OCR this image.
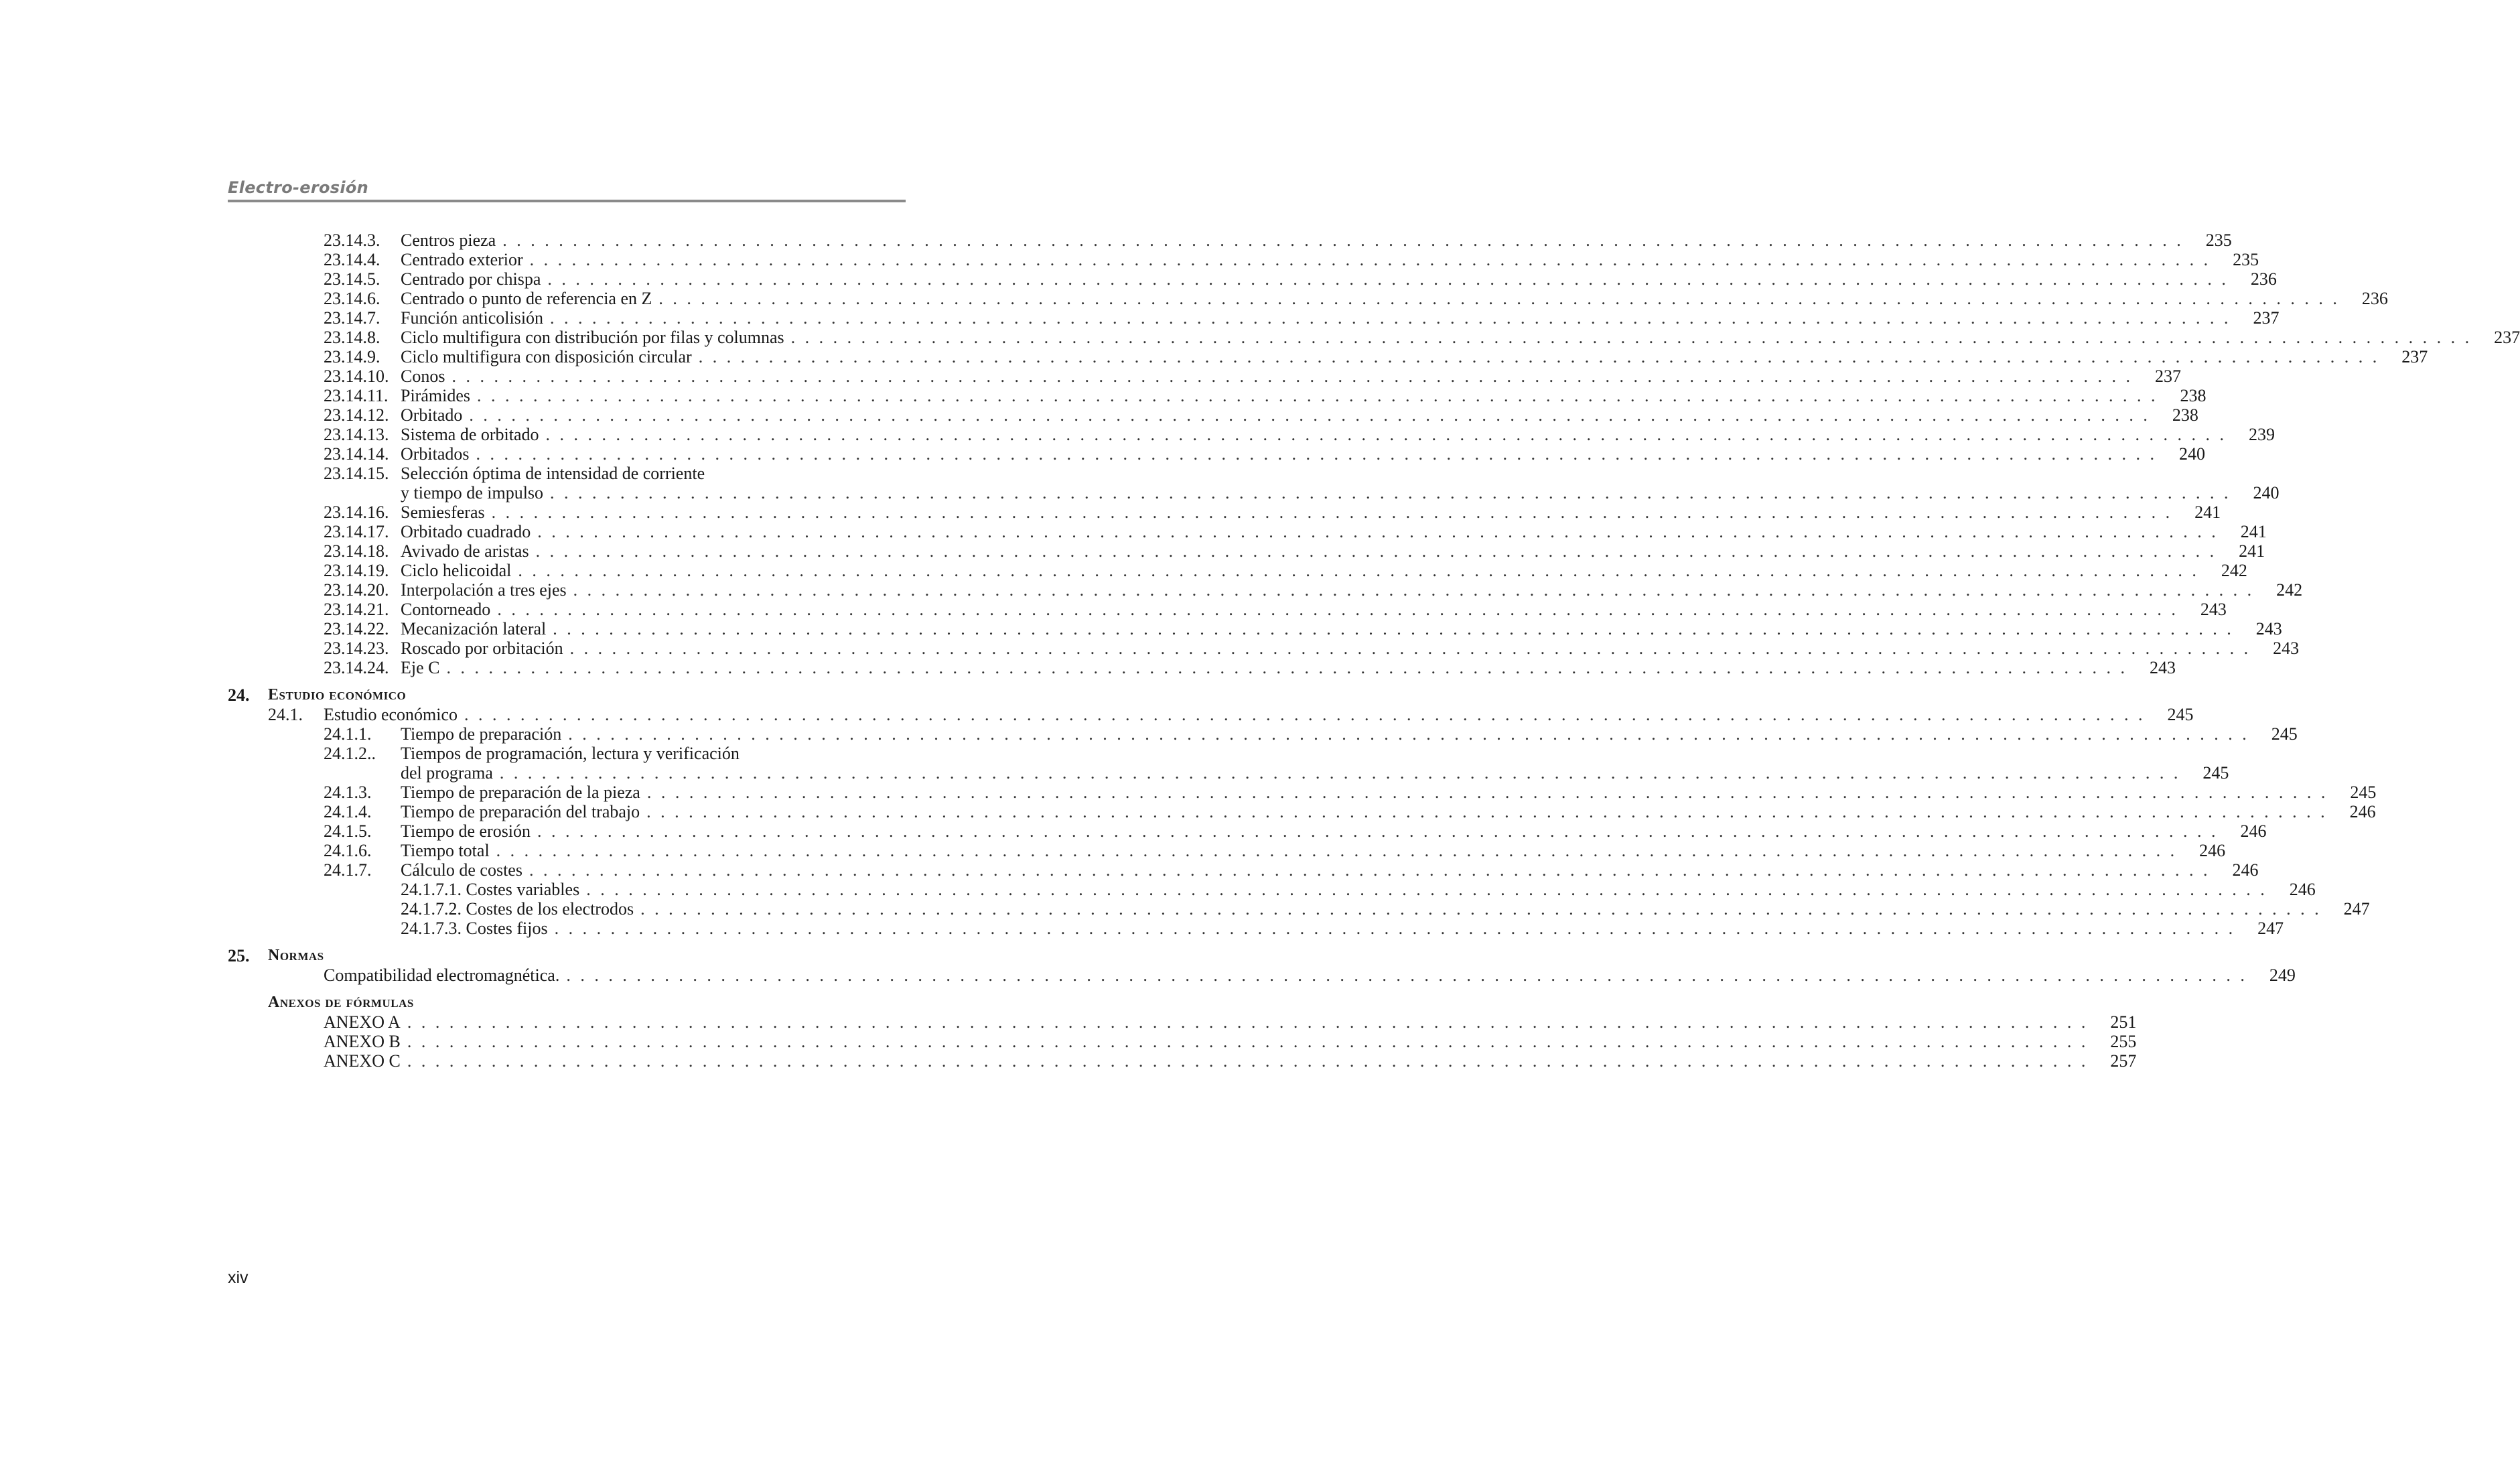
Electro-erosión
23.14.3. Centros pieza . . . . . . . . . . . . . . . . . . . . . . . . . . . . . . . . . . . . . . . . . . . . . . . . . . . . . . . . . . . . . . . . . . . . . . . . . . . . . . . . . . . . . . . . . . . . . . . . . . . . . . . . . . . . . . . . . . . . . . . .	235
23.14.4. Centrado exterior . . . . . . . . . . . . . . . . . . . . . . . . . . . . . . . . . . . . . . . . . . . . . . . . . . . . . . . . . . . . . . . . . . . . . . . . . . . . . . . . . . . . . . . . . . . . . . . . . . . . . . . . . . . . . . . . . . . . . . . .	235
23.14.5. Centrado por chispa . . . . . . . . . . . . . . . . . . . . . . . . . . . . . . . . . . . . . . . . . . . . . . . . . . . . . . . . . . . . . . . . . . . . . . . . . . . . . . . . . . . . . . . . . . . . . . . . . . . . . . . . . . . . . . . . . . . . . . . .	236
23.14.6. Centrado o punto de referencia en Z . . . . . . . . . . . . . . . . . . . . . . . . . . . . . . . . . . . . . . . . . . . . . . . . . . . . . . . . . . . . . . . . . . . . . . . . . . . . . . . . . . . . . . . . . . . . . . . . . . . . . . . . . . . . . . . . . . . . . . . .	236
23.14.7. Función anticolisión . . . . . . . . . . . . . . . . . . . . . . . . . . . . . . . . . . . . . . . . . . . . . . . . . . . . . . . . . . . . . . . . . . . . . . . . . . . . . . . . . . . . . . . . . . . . . . . . . . . . . . . . . . . . . . . . . . . . . . . .	237
23.14.8. Ciclo multifigura con distribución por filas y columnas . . . . . . . . . . . . . . . . . . . . . . . . . . . . . . . . . . . . . . . . . . . . . . . . . . . . . . . . . . . . . . . . . . . . . . . . . . . . . . . . . . . . . . . . . . . . . . . . . . . . . . . . . . . . . . . . . . . . . . . .	237
23.14.9. Ciclo multifigura con disposición circular . . . . . . . . . . . . . . . . . . . . . . . . . . . . . . . . . . . . . . . . . . . . . . . . . . . . . . . . . . . . . . . . . . . . . . . . . . . . . . . . . . . . . . . . . . . . . . . . . . . . . . . . . . . . . . . . . . . . . . . .	237
23.14.10. Conos . . . . . . . . . . . . . . . . . . . . . . . . . . . . . . . . . . . . . . . . . . . . . . . . . . . . . . . . . . . . . . . . . . . . . . . . . . . . . . . . . . . . . . . . . . . . . . . . . . . . . . . . . . . . . . . . . . . . . . . .	237
23.14.11. Pirámides . . . . . . . . . . . . . . . . . . . . . . . . . . . . . . . . . . . . . . . . . . . . . . . . . . . . . . . . . . . . . . . . . . . . . . . . . . . . . . . . . . . . . . . . . . . . . . . . . . . . . . . . . . . . . . . . . . . . . . . .	238
23.14.12. Orbitado . . . . . . . . . . . . . . . . . . . . . . . . . . . . . . . . . . . . . . . . . . . . . . . . . . . . . . . . . . . . . . . . . . . . . . . . . . . . . . . . . . . . . . . . . . . . . . . . . . . . . . . . . . . . . . . . . . . . . . . .	238
23.14.13. Sistema de orbitado . . . . . . . . . . . . . . . . . . . . . . . . . . . . . . . . . . . . . . . . . . . . . . . . . . . . . . . . . . . . . . . . . . . . . . . . . . . . . . . . . . . . . . . . . . . . . . . . . . . . . . . . . . . . . . . . . . . . . . . .	239
23.14.14. Orbitados . . . . . . . . . . . . . . . . . . . . . . . . . . . . . . . . . . . . . . . . . . . . . . . . . . . . . . . . . . . . . . . . . . . . . . . . . . . . . . . . . . . . . . . . . . . . . . . . . . . . . . . . . . . . . . . . . . . . . . . .	240
23.14.15. Selección óptima de intensidad de corriente
y tiempo de impulso . . . . . . . . . . . . . . . . . . . . . . . . . . . . . . . . . . . . . . . . . . . . . . . . . . . . . . . . . . . . . . . . . . . . . . . . . . . . . . . . . . . . . . . . . . . . . . . . . . . . . . . . . . . . . . . . . . . . . . . .	240
23.14.16. Semiesferas . . . . . . . . . . . . . . . . . . . . . . . . . . . . . . . . . . . . . . . . . . . . . . . . . . . . . . . . . . . . . . . . . . . . . . . . . . . . . . . . . . . . . . . . . . . . . . . . . . . . . . . . . . . . . . . . . . . . . . . .	241
23.14.17. Orbitado cuadrado . . . . . . . . . . . . . . . . . . . . . . . . . . . . . . . . . . . . . . . . . . . . . . . . . . . . . . . . . . . . . . . . . . . . . . . . . . . . . . . . . . . . . . . . . . . . . . . . . . . . . . . . . . . . . . . . . . . . . . . .	241
23.14.18. Avivado de aristas . . . . . . . . . . . . . . . . . . . . . . . . . . . . . . . . . . . . . . . . . . . . . . . . . . . . . . . . . . . . . . . . . . . . . . . . . . . . . . . . . . . . . . . . . . . . . . . . . . . . . . . . . . . . . . . . . . . . . . . .	241
23.14.19. Ciclo helicoidal . . . . . . . . . . . . . . . . . . . . . . . . . . . . . . . . . . . . . . . . . . . . . . . . . . . . . . . . . . . . . . . . . . . . . . . . . . . . . . . . . . . . . . . . . . . . . . . . . . . . . . . . . . . . . . . . . . . . . . . .	242
23.14.20. Interpolación a tres ejes . . . . . . . . . . . . . . . . . . . . . . . . . . . . . . . . . . . . . . . . . . . . . . . . . . . . . . . . . . . . . . . . . . . . . . . . . . . . . . . . . . . . . . . . . . . . . . . . . . . . . . . . . . . . . . . . . . . . . . . .	242
23.14.21. Contorneado . . . . . . . . . . . . . . . . . . . . . . . . . . . . . . . . . . . . . . . . . . . . . . . . . . . . . . . . . . . . . . . . . . . . . . . . . . . . . . . . . . . . . . . . . . . . . . . . . . . . . . . . . . . . . . . . . . . . . . . .	243
23.14.22. Mecanización lateral . . . . . . . . . . . . . . . . . . . . . . . . . . . . . . . . . . . . . . . . . . . . . . . . . . . . . . . . . . . . . . . . . . . . . . . . . . . . . . . . . . . . . . . . . . . . . . . . . . . . . . . . . . . . . . . . . . . . . . . .	243
23.14.23. Roscado por orbitación . . . . . . . . . . . . . . . . . . . . . . . . . . . . . . . . . . . . . . . . . . . . . . . . . . . . . . . . . . . . . . . . . . . . . . . . . . . . . . . . . . . . . . . . . . . . . . . . . . . . . . . . . . . . . . . . . . . . . . . .	243
23.14.24. Eje C . . . . . . . . . . . . . . . . . . . . . . . . . . . . . . . . . . . . . . . . . . . . . . . . . . . . . . . . . . . . . . . . . . . . . . . . . . . . . . . . . . . . . . . . . . . . . . . . . . . . . . . . . . . . . . . . . . . . . . . .	243
24. Estudio económico
24.1. Estudio económico . . . . . . . . . . . . . . . . . . . . . . . . . . . . . . . . . . . . . . . . . . . . . . . . . . . . . . . . . . . . . . . . . . . . . . . . . . . . . . . . . . . . . . . . . . . . . . . . . . . . . . . . . . . . . . . . . . . . . . . .	245
24.1.1. Tiempo de preparación . . . . . . . . . . . . . . . . . . . . . . . . . . . . . . . . . . . . . . . . . . . . . . . . . . . . . . . . . . . . . . . . . . . . . . . . . . . . . . . . . . . . . . . . . . . . . . . . . . . . . . . . . . . . . . . . . . . . . . . .	245
24.1.2.. Tiempos de programación, lectura y verificación
del programa . . . . . . . . . . . . . . . . . . . . . . . . . . . . . . . . . . . . . . . . . . . . . . . . . . . . . . . . . . . . . . . . . . . . . . . . . . . . . . . . . . . . . . . . . . . . . . . . . . . . . . . . . . . . . . . . . . . . . . . .	245
24.1.3. Tiempo de preparación de la pieza . . . . . . . . . . . . . . . . . . . . . . . . . . . . . . . . . . . . . . . . . . . . . . . . . . . . . . . . . . . . . . . . . . . . . . . . . . . . . . . . . . . . . . . . . . . . . . . . . . . . . . . . . . . . . . . . . . . . . . . .	245
24.1.4. Tiempo de preparación del trabajo . . . . . . . . . . . . . . . . . . . . . . . . . . . . . . . . . . . . . . . . . . . . . . . . . . . . . . . . . . . . . . . . . . . . . . . . . . . . . . . . . . . . . . . . . . . . . . . . . . . . . . . . . . . . . . . . . . . . . . . .	246
24.1.5. Tiempo de erosión . . . . . . . . . . . . . . . . . . . . . . . . . . . . . . . . . . . . . . . . . . . . . . . . . . . . . . . . . . . . . . . . . . . . . . . . . . . . . . . . . . . . . . . . . . . . . . . . . . . . . . . . . . . . . . . . . . . . . . . .	246
24.1.6. Tiempo total . . . . . . . . . . . . . . . . . . . . . . . . . . . . . . . . . . . . . . . . . . . . . . . . . . . . . . . . . . . . . . . . . . . . . . . . . . . . . . . . . . . . . . . . . . . . . . . . . . . . . . . . . . . . . . . . . . . . . . . .	246
24.1.7. Cálculo de costes . . . . . . . . . . . . . . . . . . . . . . . . . . . . . . . . . . . . . . . . . . . . . . . . . . . . . . . . . . . . . . . . . . . . . . . . . . . . . . . . . . . . . . . . . . . . . . . . . . . . . . . . . . . . . . . . . . . . . . . .	246
24.1.7.1. Costes variables . . . . . . . . . . . . . . . . . . . . . . . . . . . . . . . . . . . . . . . . . . . . . . . . . . . . . . . . . . . . . . . . . . . . . . . . . . . . . . . . . . . . . . . . . . . . . . . . . . . . . . . . . . . . . . . . . . . . . . . .	246
24.1.7.2. Costes de los electrodos . . . . . . . . . . . . . . . . . . . . . . . . . . . . . . . . . . . . . . . . . . . . . . . . . . . . . . . . . . . . . . . . . . . . . . . . . . . . . . . . . . . . . . . . . . . . . . . . . . . . . . . . . . . . . . . . . . . . . . . .	247
24.1.7.3. Costes fijos . . . . . . . . . . . . . . . . . . . . . . . . . . . . . . . . . . . . . . . . . . . . . . . . . . . . . . . . . . . . . . . . . . . . . . . . . . . . . . . . . . . . . . . . . . . . . . . . . . . . . . . . . . . . . . . . . . . . . . . .	247
25. Normas
Compatibilidad electromagnética. . . . . . . . . . . . . . . . . . . . . . . . . . . . . . . . . . . . . . . . . . . . . . . . . . . . . . . . . . . . . . . . . . . . . . . . . . . . . . . . . . . . . . . . . . . . . . . . . . . . . . . . . . . . . . . . . . . . . . . . .	249
Anexos de fórmulas
ANEXO A . . . . . . . . . . . . . . . . . . . . . . . . . . . . . . . . . . . . . . . . . . . . . . . . . . . . . . . . . . . . . . . . . . . . . . . . . . . . . . . . . . . . . . . . . . . . . . . . . . . . . . . . . . . . . . . . . . . . . . . .	251
ANEXO B . . . . . . . . . . . . . . . . . . . . . . . . . . . . . . . . . . . . . . . . . . . . . . . . . . . . . . . . . . . . . . . . . . . . . . . . . . . . . . . . . . . . . . . . . . . . . . . . . . . . . . . . . . . . . . . . . . . . . . . .	255
ANEXO C . . . . . . . . . . . . . . . . . . . . . . . . . . . . . . . . . . . . . . . . . . . . . . . . . . . . . . . . . . . . . . . . . . . . . . . . . . . . . . . . . . . . . . . . . . . . . . . . . . . . . . . . . . . . . . . . . . . . . . . .	257
xiv
